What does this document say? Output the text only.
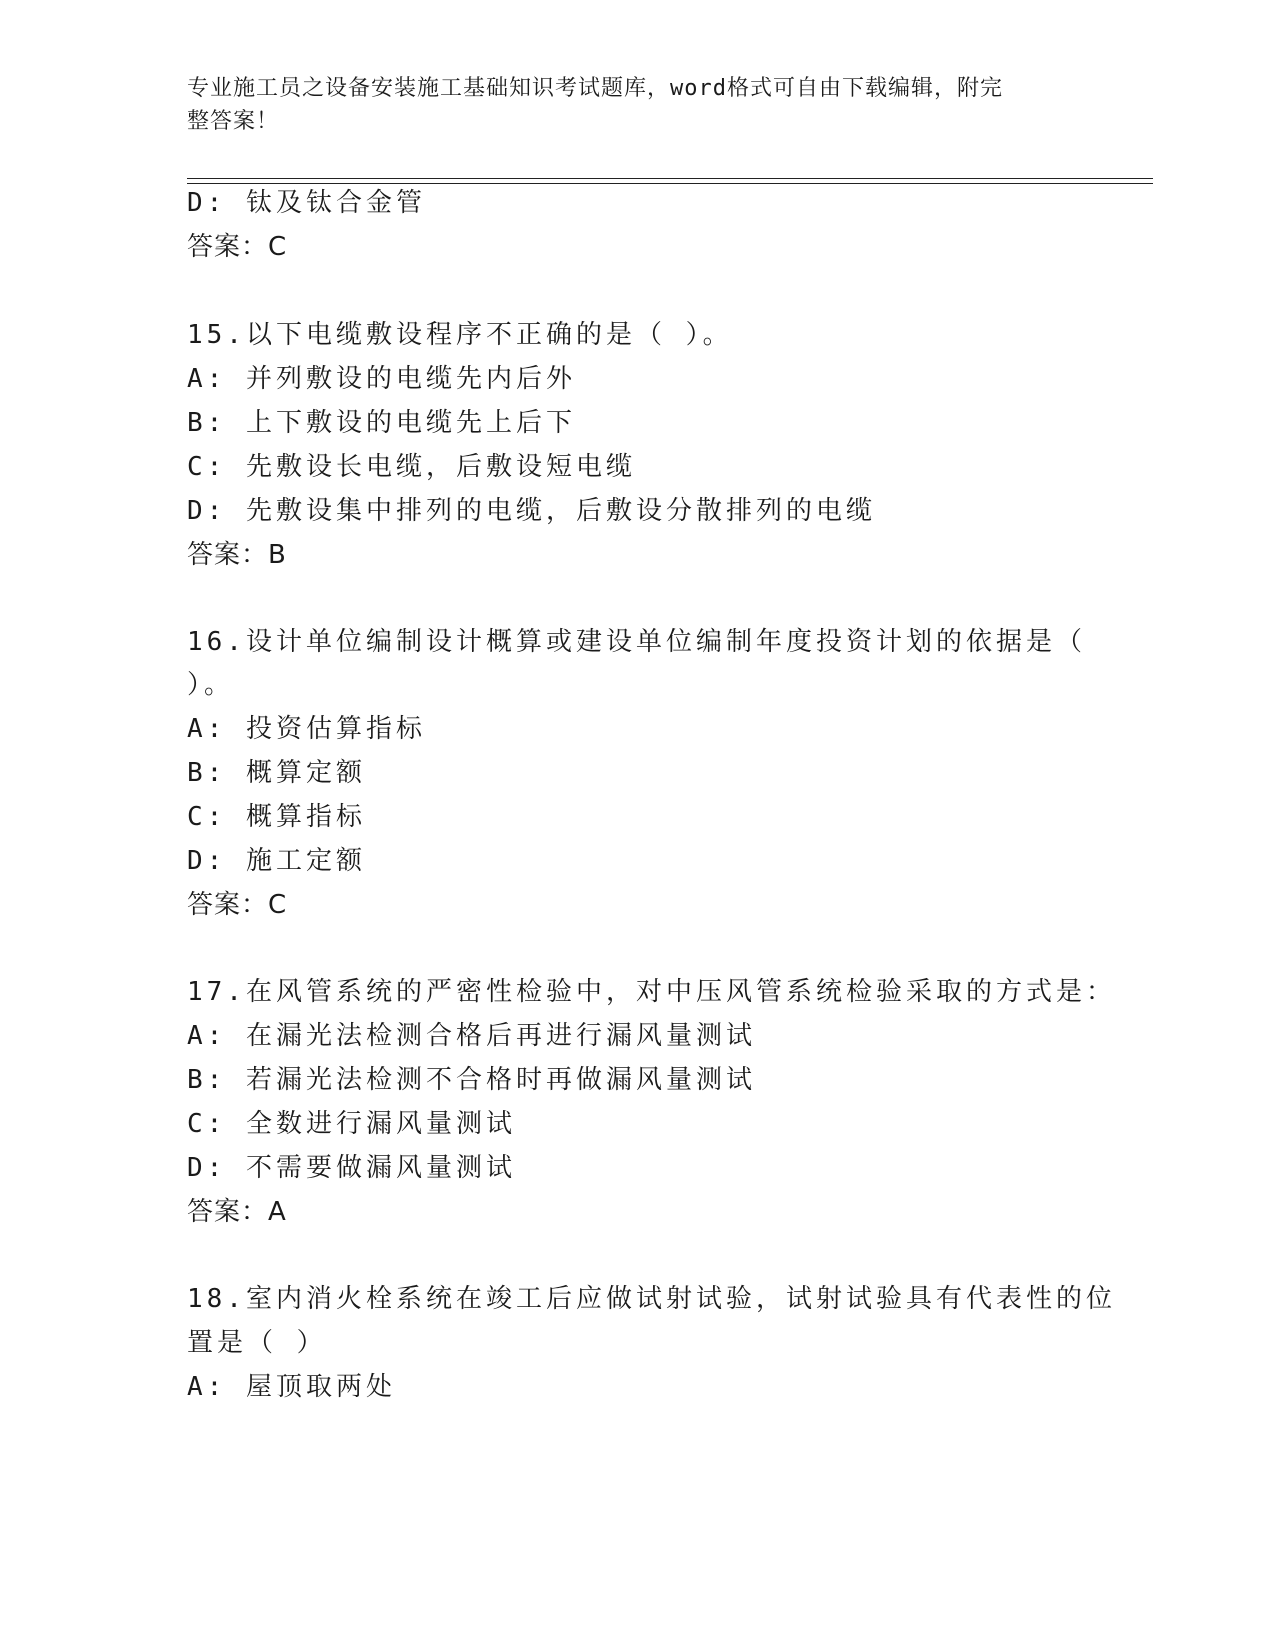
专业施工员之设备安装施工基础知识考试题库，word格式可自由下载编辑，附完
整答案！
D: 钛及钛合金管
答案：C
15.以下电缆敷设程序不正确的是（ ）。
A: 并列敷设的电缆先内后外
B: 上下敷设的电缆先上后下
C: 先敷设长电缆，后敷设短电缆
D: 先敷设集中排列的电缆，后敷设分散排列的电缆
答案：B
16.设计单位编制设计概算或建设单位编制年度投资计划的依据是（
）。
A: 投资估算指标
B: 概算定额
C: 概算指标
D: 施工定额
答案：C
17.在风管系统的严密性检验中，对中压风管系统检验采取的方式是：
A: 在漏光法检测合格后再进行漏风量测试
B: 若漏光法检测不合格时再做漏风量测试
C: 全数进行漏风量测试
D: 不需要做漏风量测试
答案：A
18.室内消火栓系统在竣工后应做试射试验，试射试验具有代表性的位
置是（ ）
A: 屋顶取两处
